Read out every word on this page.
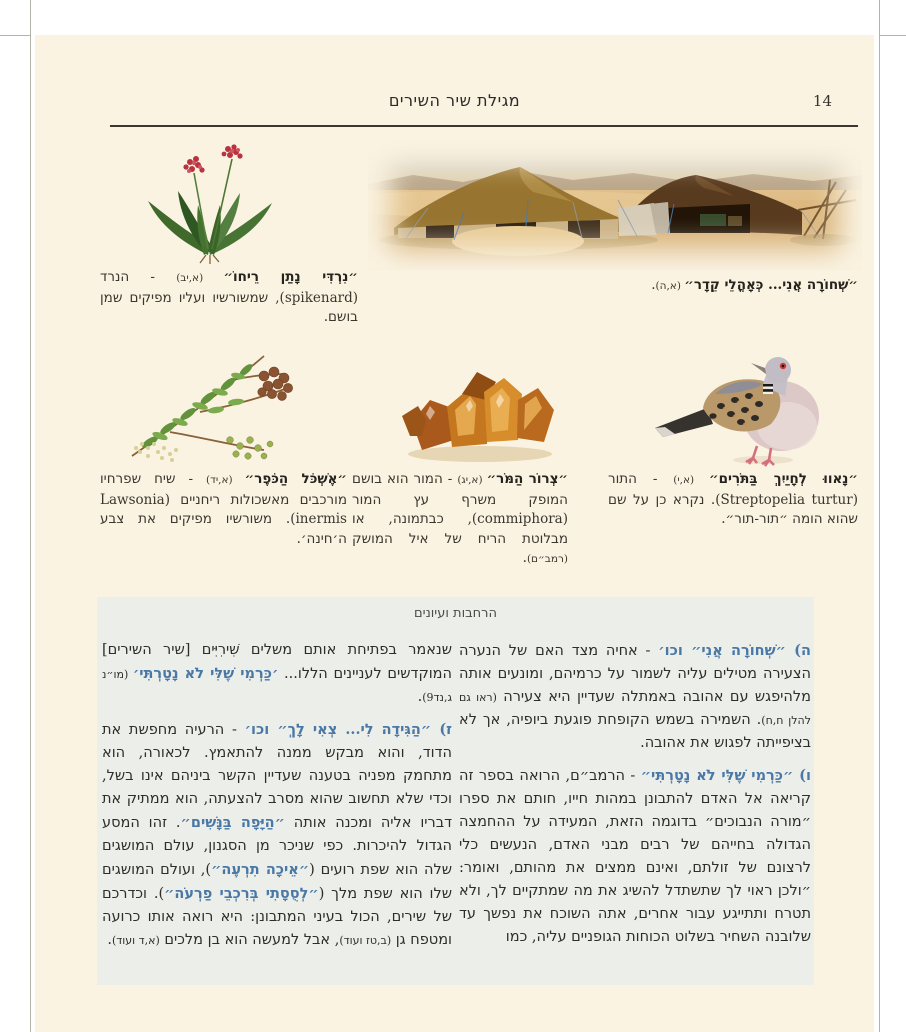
מגילת שיר השירים	14
״נִרְדִּי נָתַן רֵיחוֹ״ (א,יב) - הנרד (spikenard), שמשורשיו ועליו מפיקים שמן בושם.
״שְׁחוֹרָה אֲנִי... כְּאָהֳלֵי קֵדָר״ (א,ה).
״אֶשְׁכֹּל הַכֹּפֶר״ (א,יד) - שיח שפרחיו מורכבים מאשכולות ריחניים (Lawsonia inermis). משורשיו מפיקים את צבע ה׳חינה׳.
״צְרוֹר הַמֹּר״ (א,יג) - המור הוא בושם המופק משרף עץ המור (commiphora), כבתמונה, או מבלוטת הריח של איל המושק (רמב״ם).
״נָאווּ לְחָיַיִךְ בַּתֹּרִים״ (א,י) - התור (Streptopelia turtur). נקרא כן על שם שהוא הומה ״תור-תור״.
הרחבות ועיונים

ה) ״שְׁחוֹרָה אֲנִי״ וכו׳ - אחיה מצד האם של הנערה הצעירה מטילים עליה לשמור על כרמיהם, ומונעים אותה מלהיפגש עם אהובה באמתלה שעדיין היא צעירה (ראו גם להלן ח,ח). השמירה בשמש הקופחת פוגעת ביופיה, אך לא בציפייתה לפגוש את אהובה.

ו) ״כַּרְמִי שֶׁלִּי לֹא נָטָרְתִּי״ - הרמב״ם, הרואה בספר זה קריאה אל האדם להתבונן במהות חייו, חותם את ספרו ״מורה הנבוכים״ בדוגמה הזאת, המעידה על ההחמצה הגדולה בחייהם של רבים מבני האדם, הנעשים כלי לרצונם של זולתם, ואינם ממצים את מהותם, ואומר: ״ולכן ראוי לך שתשתדל להשיג את מה שמתקיים לך, ולא תטרח ותתייגע עבור אחרים, אתה השוכח את נפשך עד שלובנה השחיר בשלוט הכוחות הגופניים עליה, כמו

שנאמר בפתיחת אותם משלים שִׁירִיִּים [שיר השירים] המוקדשים לעניינים הללו... ׳כַּרְמִי שֶׁלִּי לֹא נָטָרְתִּי׳ (מו״נ ג,נד9).

ז) ״הַגִּידָה לִי... צְאִי לָךְ״ וכו׳ - הרעיה מחפשת את הדוד, והוא מבקש ממנה להתאמץ. לכאורה, הוא מתחמק מפניה בטענה שעדיין הקשר ביניהם אינו בשל, וכדי שלא תחשוב שהוא מסרב להצעתה, הוא ממתיק את דבריו אליה ומכנה אותה ״הַיָּפָה בַּנָּשִׁים״. זהו המסע הגדול להיכרות. כפי שניכר מן הסגנון, עולם המושגים שלה הוא שפת רועים (״אֵיכָה תִרְעֶה״), ועולם המושגים שלו הוא שפת מלך (״לְסֻסָתִי בְּרִכְבֵי פַרְעֹה״). וכדרכם של שירים, הכול בעיני המתבונן: היא רואה אותו כרועה ומטפח גן (ב,טז ועוד), אבל למעשה הוא בן מלכים (א,ד ועוד).
